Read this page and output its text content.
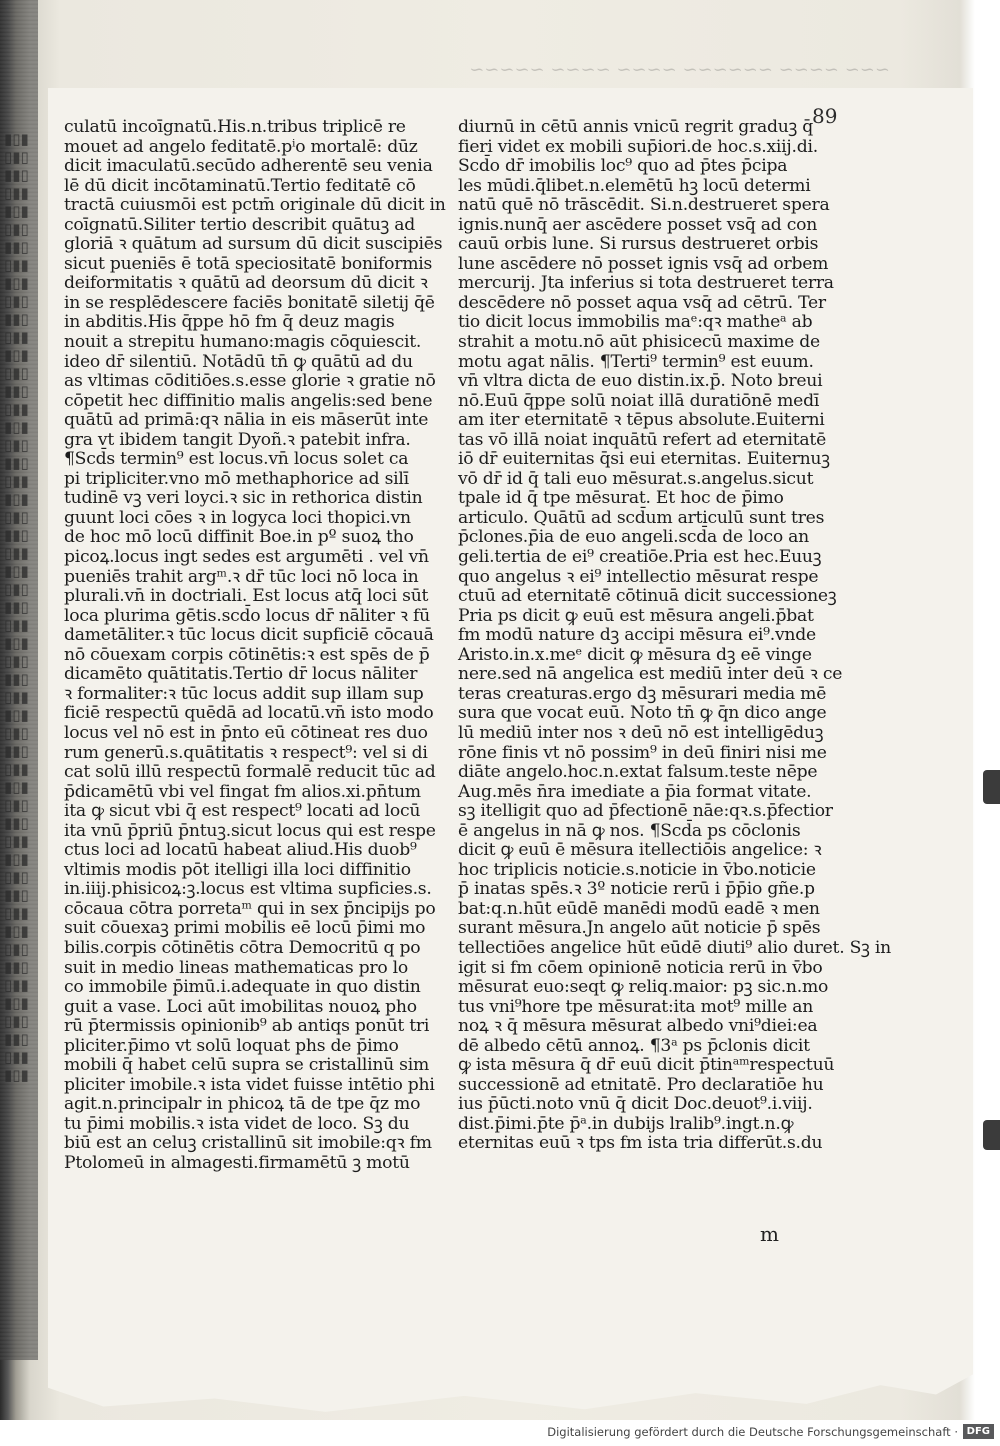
~~~ ~~~~ ~~~~~~ ~~~~ ~~~~ ~~~~~
▮▯▮
▯▮▯
▮▮▯
▯▮▮
▮▯▮
▯▮▯
▮▮▯
▯▮▮
▮▯▮
▯▮▯
▮▮▯
▯▮▮
▮▯▮
▯▮▯
▮▮▯
▯▮▮
▮▯▮
▯▮▯
▮▮▯
▯▮▮
▮▯▮
▯▮▯
▮▮▯
▯▮▮
▮▯▮
▯▮▯
▮▮▯
▯▮▮
▮▯▮
▯▮▯
▮▮▯
▯▮▮
▮▯▮
▯▮▯
▮▮▯
▯▮▮
▮▯▮
▯▮▯
▮▮▯
▯▮▮
▮▯▮
▯▮▯
▮▮▯
▯▮▮
▮▯▮
▯▮▯
▮▮▯
▯▮▮
▮▯▮
▯▮▯
▮▮▯
▯▮▮
▮▯▮
89
culatū incoīgnatū.His.n.tribus triplicē re
mouet ad angelo feditatē.pⁱo mortalē: dūz
dicit imaculatū.secūdo adherentē seu venia
lē dū dicit incōtaminatū.Tertio feditatē cō
tractā cuiusmōi est pctm̄ originale dū dicit in
coīgnatū.Siliter tertio describit quātuꝫ ad
gloriā ꝛ quātum ad sursum dū dicit suscipiēs
sicut pueniēs ē totā speciositatē boniformis
deiformitatis ꝛ quātū ad deorsum dū dicit ꝛ
in se resplēdescere faciēs bonitatē siletij q̄ē
in abditis.His q̄ppe hō fm q̄ deuz magis
nouit a strepitu humano:magis cōquiescit.
ideo dr̄ silentiū. Notādū tn̄ ꝙ quātū ad du
as vltimas cōditiōes.s.esse glorie ꝛ gratie nō
cōpetit hec diffinitio malis angelis:sed bene
quātū ad primā:qꝛ nālia in eis māserūt inte
gra vt ibidem tangit Dyoñ.ꝛ patebit infra.
¶Scd̄s termin⁹ est locus.vn̄ locus solet ca
pi tripliciter.vno mō methaphorice ad silī
tudinē vꝫ veri loyci.ꝛ sic in rethorica distin
guunt loci cōes ꝛ in logyca loci thopici.vn
de hoc mō locū diffinit Boe.in pº suoꝝ tho
picoꝝ.locus ingt sedes est argumēti . vel vn̄
pueniēs trahit argᵐ.ꝛ dr̄ tūc loci nō loca in
plurali.vn̄ in doctriali. Est locus atq̄ loci sūt
loca plurima gētis.scd̄o locus dr̄ nāliter ꝛ fū
dametāliter.ꝛ tūc locus dicit supficiē cōcauā
nō cōuexam corpis cōtinētis:ꝛ est spēs de p̄
dicamēto quātitatis.Tertio dr̄ locus nāliter
ꝛ formaliter:ꝛ tūc locus addit sup illam sup
ficiē respectū quēdā ad locatū.vn̄ isto modo
locus vel nō est in p̄nto eū cōtineat res duo
rum generū.s.quātitatis ꝛ respect⁹: vel si di
cat solū illū respectū formalē reducit tūc ad
p̄dicamētū vbi vel fingat fm alios.xi.pn̄tum
ita ꝙ sicut vbi q̄ est respect⁹ locati ad locū
ita vnū p̄priū p̄ntuꝫ.sicut locus qui est respe
ctus loci ad locatū habeat aliud.His duob⁹
vltimis modis pōt itelligi illa loci diffinitio
in.iiij.phisicoꝝ:ꝫ.locus est vltima supficies.s.
cōcaua cōtra porretaᵐ qui in sex p̄ncipijs po
suit cōuexaꝫ primi mobilis eē locū p̄imi mo
bilis.corpis cōtinētis cōtra Democritū q po
suit in medio lineas mathematicas pro lo
co immobile p̄imū.i.adequate in quo distin
guit a vase. Loci aūt imobilitas nouoꝝ pho
rū p̄termissis opinionib⁹ ab antiqs ponūt tri
pliciter.p̄imo vt solū loquat phs de p̄imo
mobili q̄ habet celū supra se cristallinū sim
pliciter imobile.ꝛ ista videt fuisse intētio phi
agit.n.principalr in phicoꝝ tā de tpe q̄z mo
tu p̄imi mobilis.ꝛ ista videt de loco. Sꝫ du
biū est an celuꝫ cristallinū sit imobile:qꝛ fm
Ptolomeū in almagesti.firmamētū ꝫ motū
diurnū in cētū annis vnicū regrit graduꝫ q̄
fieri videt ex mobili sup̄iori.de hoc.s.xiij.di.
Scd̄o dr̄ imobilis loc⁹ quo ad p̄tes p̄cipa
les mūdi.q̄libet.n.elemētū hꝫ locū determi
natū quē nō trāscēdit. Si.n.destrueret spera
ignis.nunq̄ aer ascēdere posset vsq̄ ad con
cauū orbis lune. Si rursus destrueret orbis
lune ascēdere nō posset ignis vsq̄ ad orbem
mercurij. Jta inferius si tota destrueret terra
descēdere nō posset aqua vsq̄ ad cētrū. Ter
tio dicit locus immobilis maᵉ:qꝛ matheᵃ ab
strahit a motu.nō aūt phisicecū maxime de
motu agat nālis. ¶Terti⁹ termin⁹ est euum.
vn̄ vltra dicta de euo distin.ix.p̄. Noto breui
nō.Euū q̄ppe solū noiat illā duratiōnē medī
am iter eternitatē ꝛ tēpus absolute.Euiterni
tas vō illā noiat inquātū refert ad eternitatē
iō dr̄ euiternitas q̄si eui eternitas. Euiternuꝫ
vō dr̄ id q̄ tali euo mēsurat.s.angelus.sicut
tpale id q̄ tpe mēsurat. Et hoc de p̄imo
articulo. Quātū ad scd̄um articulū sunt tres
p̄clones.p̄ia de euo angeli.scd̄a de loco an
geli.tertia de ei⁹ creatiōe.Pria est hec.Euuꝫ
quo angelus ꝛ ei⁹ intellectio mēsurat respe
ctuū ad eternitatē cōtinuā dicit successioneꝫ
Pria ps dicit ꝙ euū est mēsura angeli.p̄bat
fm modū nature dꝫ accipi mēsura ei⁹.vnde
Aristo.in.x.meᵉ dicit ꝙ mēsura dꝫ eē vinge
nere.sed nā angelica est mediū inter deū ꝛ ce
teras creaturas.ergo dꝫ mēsurari media mē
sura que vocat euū. Noto tn̄ ꝙ q̄n dico ange
lū mediū inter nos ꝛ deū nō est intelligēduꝫ
rōne finis vt nō possim⁹ in deū finiri nisi me
diāte angelo.hoc.n.extat falsum.teste nēpe
Aug.mēs n̄ra imediate a p̄ia format vitate.
sꝫ itelligit quo ad p̄fectionē nāe:qꝛ.s.p̄fectior
ē angelus in nā ꝙ nos. ¶Scd̄a ps cōclonis
dicit ꝙ euū ē mēsura itellectiōis angelice: ꝛ
hoc triplicis noticie.s.noticie in v̄bo.noticie
p̄ inatas spēs.ꝛ 3º noticie rerū i p̄p̄io gñe.p
bat:q.n.hūt eūdē manēdi modū eadē ꝛ men
surant mēsura.Jn angelo aūt noticie p̄ spēs
tellectiōes angelice hūt eūdē diuti⁹ alio duret. Sꝫ in
igit si fm cōem opinionē noticia rerū in v̄bo
mēsurat euo:seqt ꝙ reliq.maior: pꝫ sic.n.mo
tus vni⁹hore tpe mēsurat:ita mot⁹ mille an
noꝝ ꝛ q̄ mēsura mēsurat albedo vni⁹diei:ea
dē albedo cētū annoꝝ. ¶3ᵃ ps p̄clonis dicit
ꝙ ista mēsura q̄ dr̄ euū dicit p̄tinᵃᵐrespectuū
successionē ad etnitatē. Pro declaratiōe hu
ius p̄ūcti.noto vnū q̄ dicit Doc.deuot⁹.i.viij.
dist.p̄imi.p̄te p̄ᵃ.in dubijs lralib⁹.ingt.n.ꝙ
eternitas euū ꝛ tps fm ista tria differūt.s.du
m
Digitalisierung gefördert durch die Deutsche Forschungsgemeinschaft · DFG
